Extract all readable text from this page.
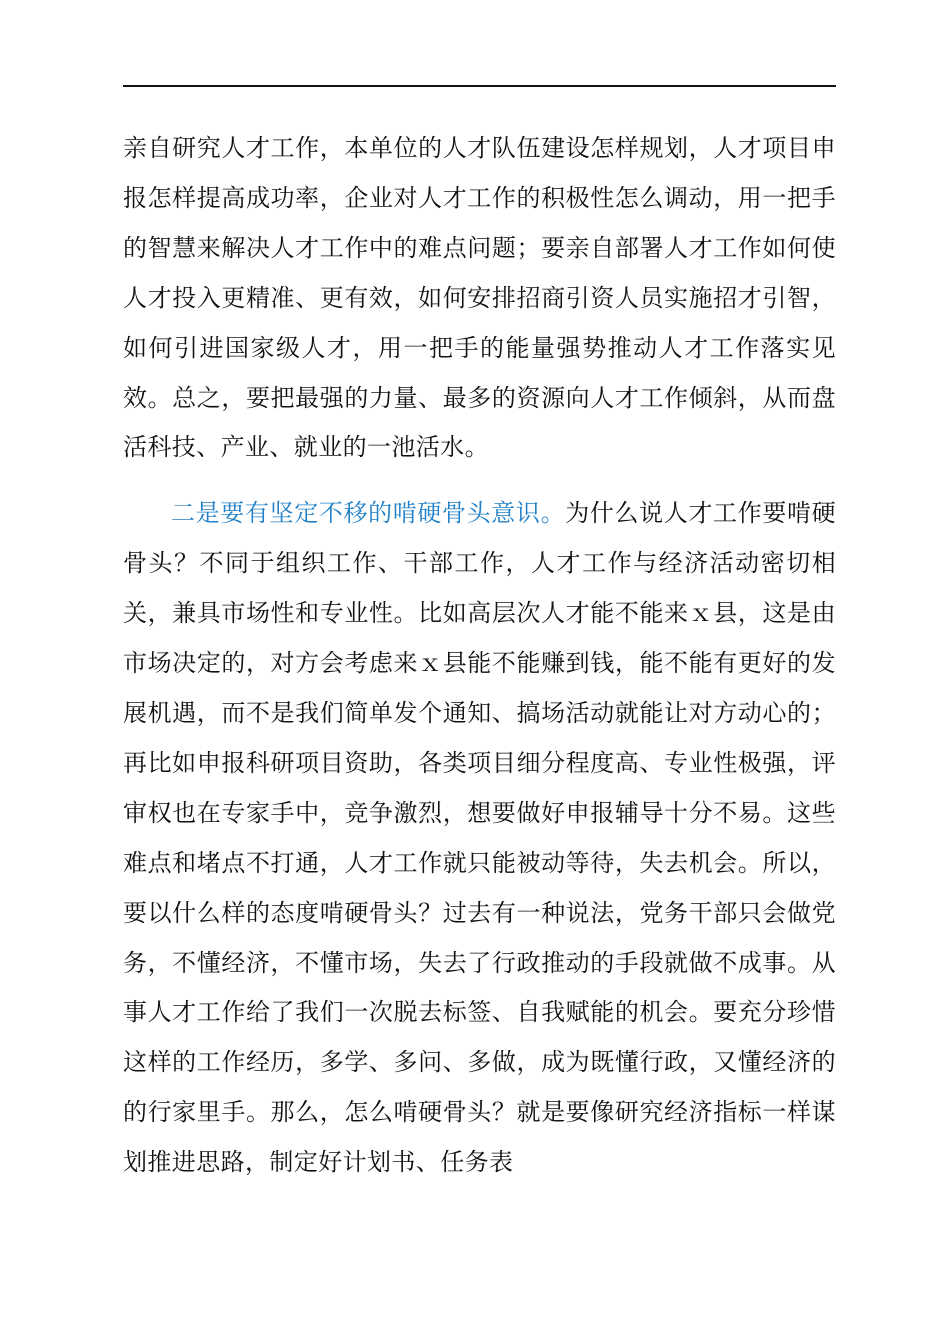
亲自研究人才工作，本单位的人才队伍建设怎样规划，人才项目申报怎样提高成功率，企业对人才工作的积极性怎么调动，用一把手的智慧来解决人才工作中的难点问题；要亲自部署人才工作如何使人才投入更精准、更有效，如何安排招商引资人员实施招才引智，如何引进国家级人才，用一把手的能量强势推动人才工作落实见效。总之，要把最强的力量、最多的资源向人才工作倾斜，从而盘活科技、产业、就业的一池活水。

二是要有坚定不移的啃硬骨头意识。为什么说人才工作要啃硬骨头？不同于组织工作、干部工作，人才工作与经济活动密切相关，兼具市场性和专业性。比如高层次人才能不能来ｘ县，这是由市场决定的，对方会考虑来ｘ县能不能赚到钱，能不能有更好的发展机遇，而不是我们简单发个通知、搞场活动就能让对方动心的；再比如申报科研项目资助，各类项目细分程度高、专业性极强，评审权也在专家手中，竞争激烈，想要做好申报辅导十分不易。这些难点和堵点不打通，人才工作就只能被动等待，失去机会。所以，要以什么样的态度啃硬骨头？过去有一种说法，党务干部只会做党务，不懂经济，不懂市场，失去了行政推动的手段就做不成事。从事人才工作给了我们一次脱去标签、自我赋能的机会。要充分珍惜这样的工作经历，多学、多问、多做，成为既懂行政，又懂经济的的行家里手。那么，怎么啃硬骨头？就是要像研究经济指标一样谋划推进思路，制定好计划书、任务表
